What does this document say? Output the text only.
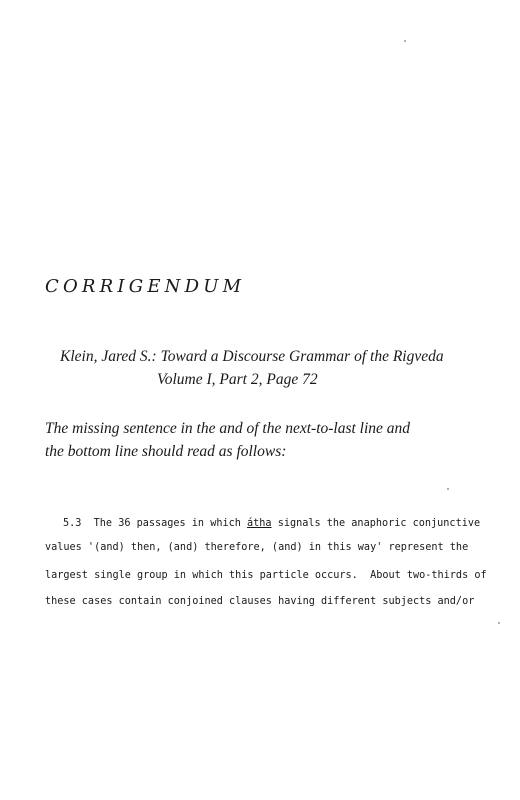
CORRIGENDUM
Klein, Jared S.: Toward a Discourse Grammar of the Rigveda
Volume I, Part 2, Page 72
The missing sentence in the and of the next-to-last line and
the bottom line should read as follows:
5.3  The 36 passages in which átha signals the anaphoric conjunctive
values '(and) then, (and) therefore, (and) in this way' represent the
largest single group in which this particle occurs.  About two-thirds of
these cases contain conjoined clauses having different subjects and/or
